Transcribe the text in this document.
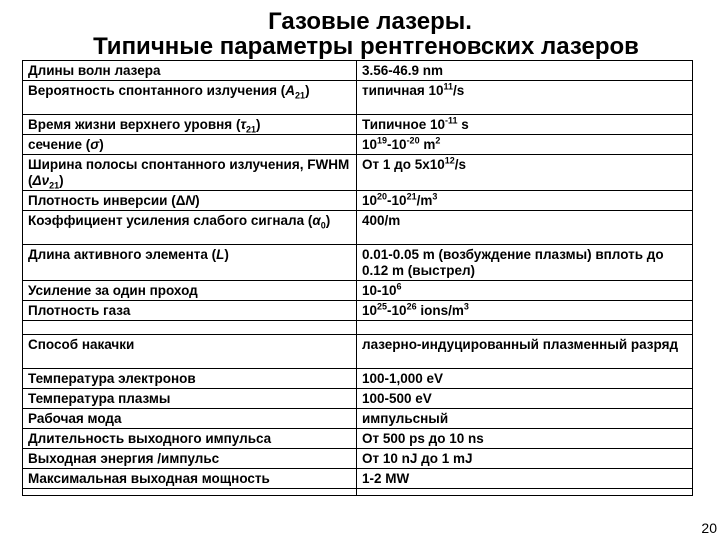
Газовые лазеры.
Типичные параметры рентгеновских лазеров
Длины волн лазера	3.56-46.9 nm
Вероятность спонтанного излучения $(A_{21})$	типичная $10^{11}/s$
Время жизни верхнего уровня $(\tau_{21})$	Типичное $10^{-11}$ s
сечение (σ)	$10^{19}-10^{-20}$ $m^2$
Ширина полосы спонтанного излучения, FWHM $(\Delta\nu_{21})$	От 1 до $5x10^{12}/s$
Плотность инверсии (ΔN)	$10^{20}-10^{21}/m^3$
Коэффициент усиления слабого сигнала $(\alpha_0)$	400/m
Длина активного элемента (L)	0.01-0.05 m (возбуждение плазмы) вплоть до 0.12 m (выстрел)
Усиление за один проход	$10-10^6$
Плотность газа	$10^{25}-10^{26}$ ions/$m^3$

Способ накачки	лазерно-индуцированный плазменный разряд
Температура электронов	100-1,000 eV
Температура плазмы	100-500 eV
Рабочая мода	импульсный
Длительность выходного импульса	От 500 ps до 10 ns
Выходная энергия /импульс	От 10 nJ до 1 mJ
Максимальная выходная мощность	1-2 MW

20
